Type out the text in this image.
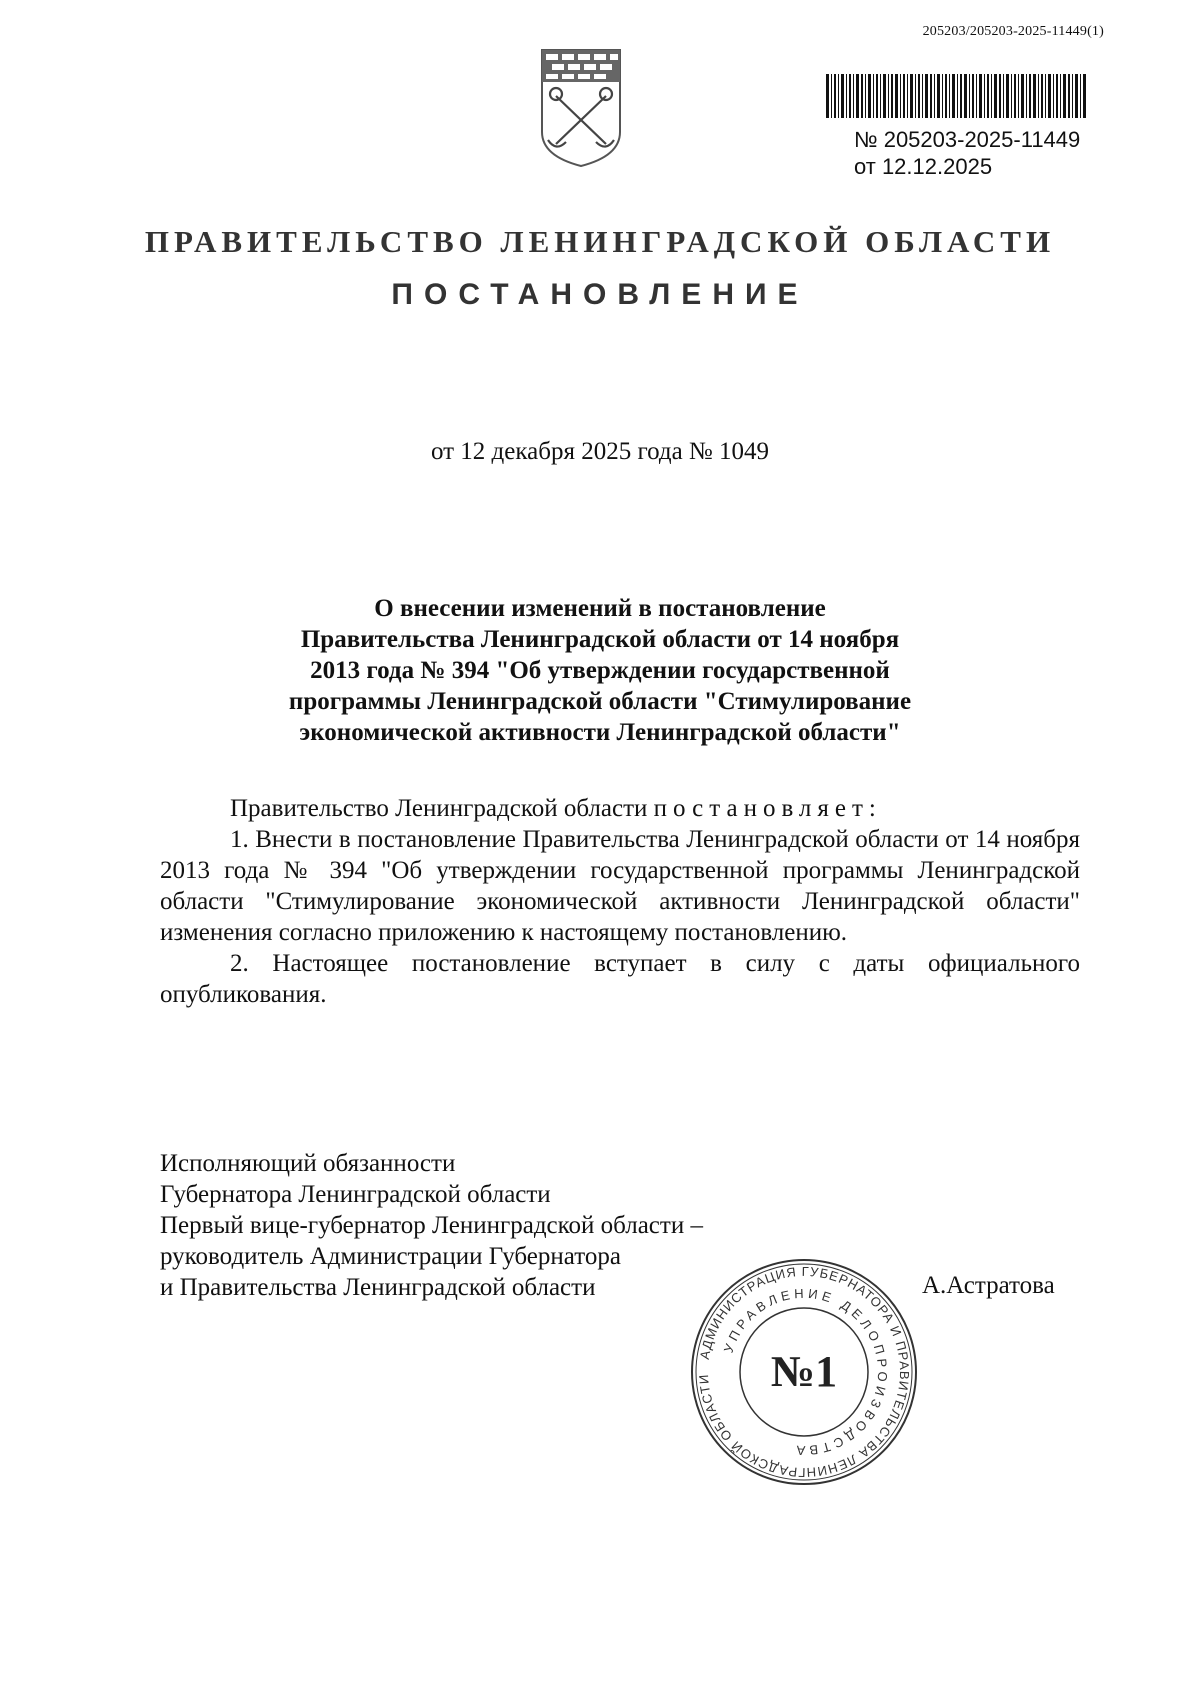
205203/205203-2025-11449(1)
№ 205203-2025-11449
от 12.12.2025
ПРАВИТЕЛЬСТВО ЛЕНИНГРАДСКОЙ ОБЛАСТИ
ПОСТАНОВЛЕНИЕ
от 12 декабря 2025 года № 1049
О внесении изменений в постановление
Правительства Ленинградской области от 14 ноября
2013 года № 394 "Об утверждении государственной
программы Ленинградской области "Стимулирование
экономической активности Ленинградской области"

Правительство Ленинградской области постановляет:

1. Внести в постановление Правительства Ленинградской области от 14 ноября 2013 года № 394 "Об утверждении государственной программы Ленинградской области "Стимулирование экономической активности Ленинградской области" изменения согласно приложению к настоящему постановлению.

2. Настоящее постановление вступает в силу с даты официального опубликования.

Исполняющий обязанности
Губернатора Ленинградской области
Первый вице-губернатор Ленинградской области –
руководитель Администрации Губернатора
и Правительства Ленинградской области	А.Астратова
АДМИНИСТРАЦИЯ ГУБЕРНАТОРА И ПРАВИТЕЛЬСТВА ЛЕНИНГРАДСКОЙ ОБЛАСТИ
УПРАВЛЕНИЕ ДЕЛОПРОИЗВОДСТВА
№1
